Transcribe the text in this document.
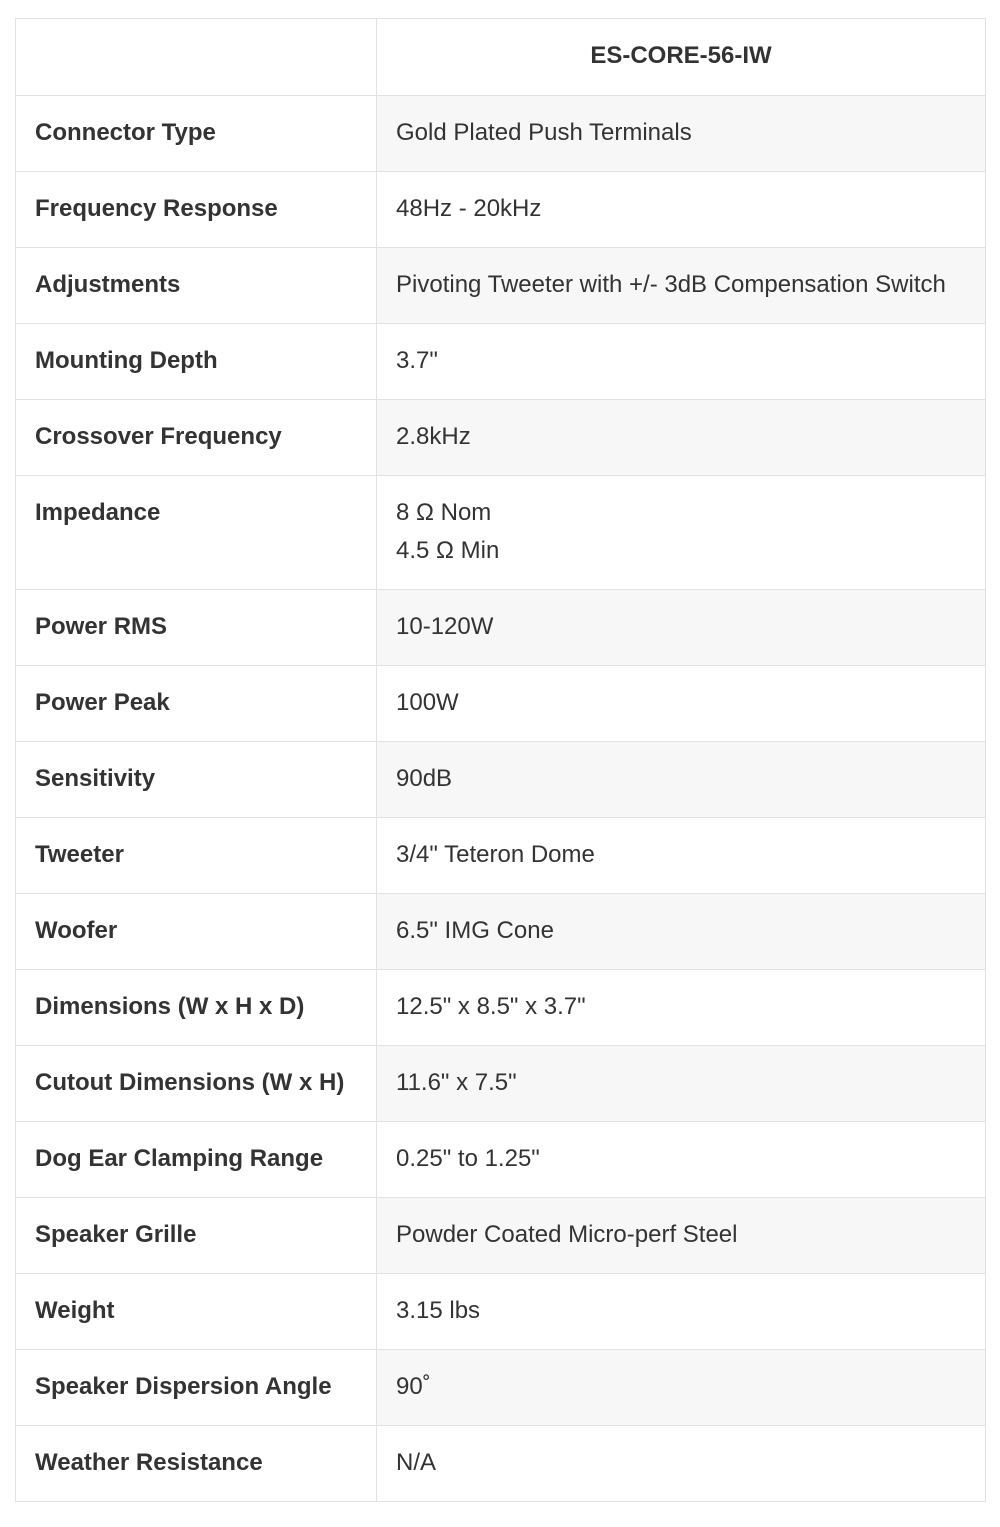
	ES-CORE-56-IW
Connector Type	Gold Plated Push Terminals

Frequency Response	48Hz - 20kHz

Adjustments	Pivoting Tweeter with +/- 3dB Compensation Switch

Mounting Depth	3.7"

Crossover Frequency	2.8kHz

Impedance	8 Ω Nom
4.5 Ω Min

Power RMS	10-120W

Power Peak	100W

Sensitivity	90dB

Tweeter	3/4" Teteron Dome

Woofer	6.5" IMG Cone

Dimensions (W x H x D)	12.5" x 8.5" x 3.7"

Cutout Dimensions (W x H)	11.6" x 7.5"

Dog Ear Clamping Range	0.25" to 1.25"

Speaker Grille	Powder Coated Micro-perf Steel

Weight	3.15 lbs

Speaker Dispersion Angle	90˚

Weather Resistance	N/A
